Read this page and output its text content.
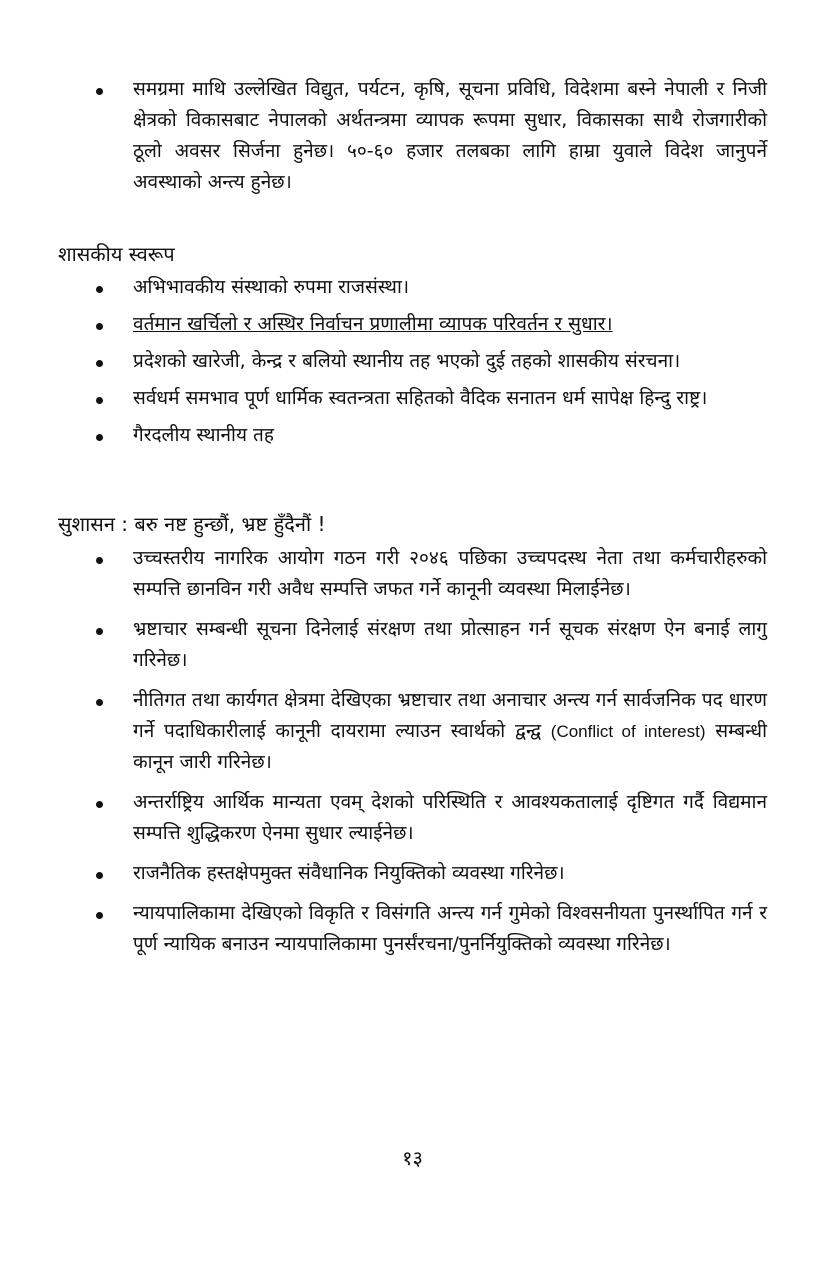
समग्रमा माथि उल्लेखित विद्युत, पर्यटन, कृषि, सूचना प्रविधि, विदेशमा बस्ने नेपाली र निजी क्षेत्रको विकासबाट नेपालको अर्थतन्त्रमा व्यापक रूपमा सुधार, विकासका साथै रोजगारीको ठूलो अवसर सिर्जना हुनेछ। ५०-६० हजार तलबका लागि हाम्रा युवाले विदेश जानुपर्ने अवस्थाको अन्त्य हुनेछ।
शासकीय स्वरूप
अभिभावकीय संस्थाको रुपमा राजसंस्था।
वर्तमान खर्चिलो र अस्थिर निर्वाचन प्रणालीमा व्यापक परिवर्तन र सुधार।
प्रदेशको खारेजी, केन्द्र र बलियो स्थानीय तह भएको दुई तहको शासकीय संरचना।
सर्वधर्म समभाव पूर्ण धार्मिक स्वतन्त्रता सहितको वैदिक सनातन धर्म सापेक्ष हिन्दु राष्ट्र।
गैरदलीय स्थानीय तह
सुशासन : बरु नष्ट हुन्छौं, भ्रष्ट हुँदैनौं !
उच्चस्तरीय नागरिक आयोग गठन गरी २०४६ पछिका उच्चपदस्थ नेता तथा कर्मचारीहरुको सम्पत्ति छानविन गरी अवैध सम्पत्ति जफत गर्ने कानूनी व्यवस्था मिलाईनेछ।
भ्रष्टाचार सम्बन्धी सूचना दिनेलाई संरक्षण तथा प्रोत्साहन गर्न सूचक संरक्षण ऐन बनाई लागु गरिनेछ।
नीतिगत तथा कार्यगत क्षेत्रमा देखिएका भ्रष्टाचार तथा अनाचार अन्त्य गर्न सार्वजनिक पद धारण गर्ने पदाधिकारीलाई कानूनी दायरामा ल्याउन स्वार्थको द्वन्द्व (Conflict of interest) सम्बन्धी कानून जारी गरिनेछ।
अन्तर्राष्ट्रिय आर्थिक मान्यता एवम् देशको परिस्थिति र आवश्यकतालाई दृष्टिगत गर्दै विद्यमान सम्पत्ति शुद्धिकरण ऐनमा सुधार ल्याईनेछ।
राजनैतिक हस्तक्षेपमुक्त संवैधानिक नियुक्तिको व्यवस्था गरिनेछ।
न्यायपालिकामा देखिएको विकृति र विसंगति अन्त्य गर्न गुमेको विश्वसनीयता पुनर्स्थापित गर्न र पूर्ण न्यायिक बनाउन न्यायपालिकामा पुनर्संरचना/पुनर्नियुक्तिको व्यवस्था गरिनेछ।
१३
